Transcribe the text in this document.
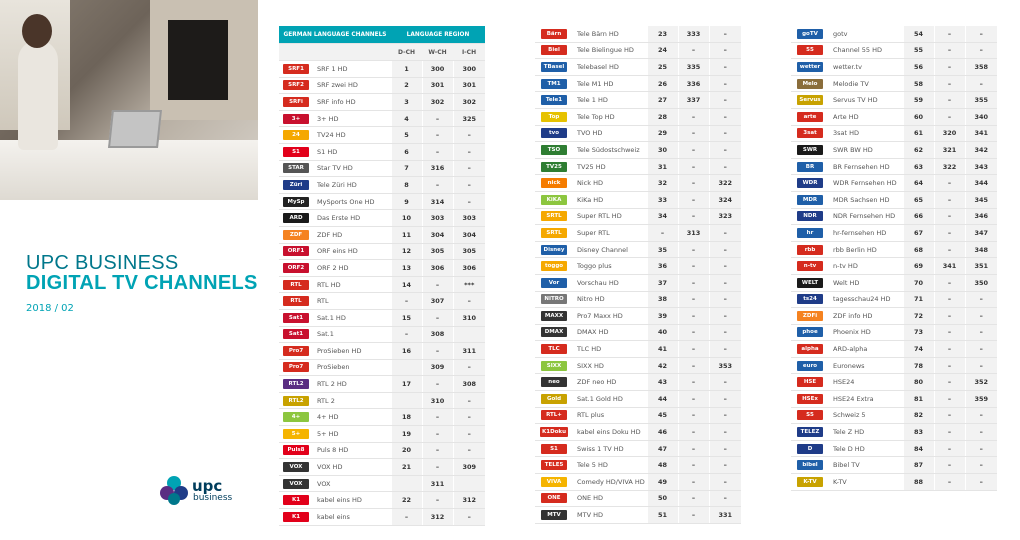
UPC BUSINESS
DIGITAL TV CHANNELS
2018 / 02
upc
business
GERMAN LANGUAGE CHANNELS		LANGUAGE REGION		
		D-CH	W-CH	I-CH
SRF1	SRF 1 HD	1	300	300
SRF2	SRF zwei HD	2	301	301
SRFi	SRF info HD	3	302	302
3+	3+ HD	4	–	325
24	TV24 HD	5	–	–
S1	S1 HD	6	–	–
STAR	Star TV HD	7	316	–
Züri	Tele Züri HD	8	–	–
MySp	MySports One HD	9	314	–
ARD	Das Erste HD	10	303	303
ZDF	ZDF HD	11	304	304
ORF1	ORF eins HD	12	305	305
ORF2	ORF 2 HD	13	306	306
RTL	RTL HD	14	–	***
RTL	RTL	–	307	–
Sat1	Sat.1 HD	15	–	310
Sat1	Sat.1	–	308	
Pro7	ProSieben HD	16	–	311
Pro7	ProSieben		309	–
RTL2	RTL 2 HD	17	–	308
RTL2	RTL 2		310	–
4+	4+ HD	18	–	–
5+	5+ HD	19	–	–
Puls8	Puls 8 HD	20	–	–
VOX	VOX HD	21	–	309
VOX	VOX		311	
K1	kabel eins HD	22	–	312
K1	kabel eins	–	312	–
Bärn	Tele Bärn HD	23	333	–
Biel	Tele Bielingue HD	24	–	–
TBasel	Telebasel HD	25	335	–
TM1	Tele M1 HD	26	336	–
Tele1	Tele 1 HD	27	337	–
Top	Tele Top HD	28	–	–
tvo	TVO HD	29	–	–
TSO	Tele Südostschweiz	30	–	–
TV25	TV25 HD	31	–	–
nick	Nick HD	32	–	322
KiKA	KiKa HD	33	–	324
SRTL	Super RTL HD	34	–	323
SRTL	Super RTL	–	313	–
Disney	Disney Channel	35	–	–
toggo	Toggo plus	36	–	–
Vor	Vorschau HD	37	–	–
NITRO	Nitro HD	38	–	–
MAXX	Pro7 Maxx HD	39	–	–
DMAX	DMAX HD	40	–	–
TLC	TLC HD	41	–	–
SIXX	SIXX HD	42	–	353
neo	ZDF neo HD	43	–	–
Gold	Sat.1 Gold HD	44	–	–
RTL+	RTL plus	45	–	–
K1Doku	kabel eins Doku HD	46	–	–
S1	Swiss 1 TV HD	47	–	–
TELE5	Tele 5 HD	48	–	–
VIVA	Comedy HD/VIVA HD	49	–	–
ONE	ONE HD	50	–	–
MTV	MTV HD	51	–	331
goTV	gotv	54	–	–
55	Channel 55 HD	55	–	–
wetter	wetter.tv	56	–	358
Melo	Melodie TV	58	–	–
Servus	Servus TV HD	59	–	355
arte	Arte HD	60	–	340
3sat	3sat HD	61	320	341
SWR	SWR BW HD	62	321	342
BR	BR Fernsehen HD	63	322	343
WDR	WDR Fernsehen HD	64	–	344
MDR	MDR Sachsen HD	65	–	345
NDR	NDR Fernsehen HD	66	–	346
hr	hr-fernsehen HD	67	–	347
rbb	rbb Berlin HD	68	–	348
n-tv	n-tv HD	69	341	351
WELT	Welt HD	70	–	350
ts24	tagesschau24 HD	71	–	–
ZDFi	ZDF info HD	72	–	–
phoe	Phoenix HD	73	–	–
alpha	ARD-alpha	74	–	–
euro	Euronews	78	–	–
HSE	HSE24	80	–	352
HSEx	HSE24 Extra	81	–	359
S5	Schweiz 5	82	–	–
TELEZ	Tele Z HD	83	–	–
D	Tele D HD	84	–	–
bibel	Bibel TV	87	–	–
K-TV	K-TV	88	–	–
